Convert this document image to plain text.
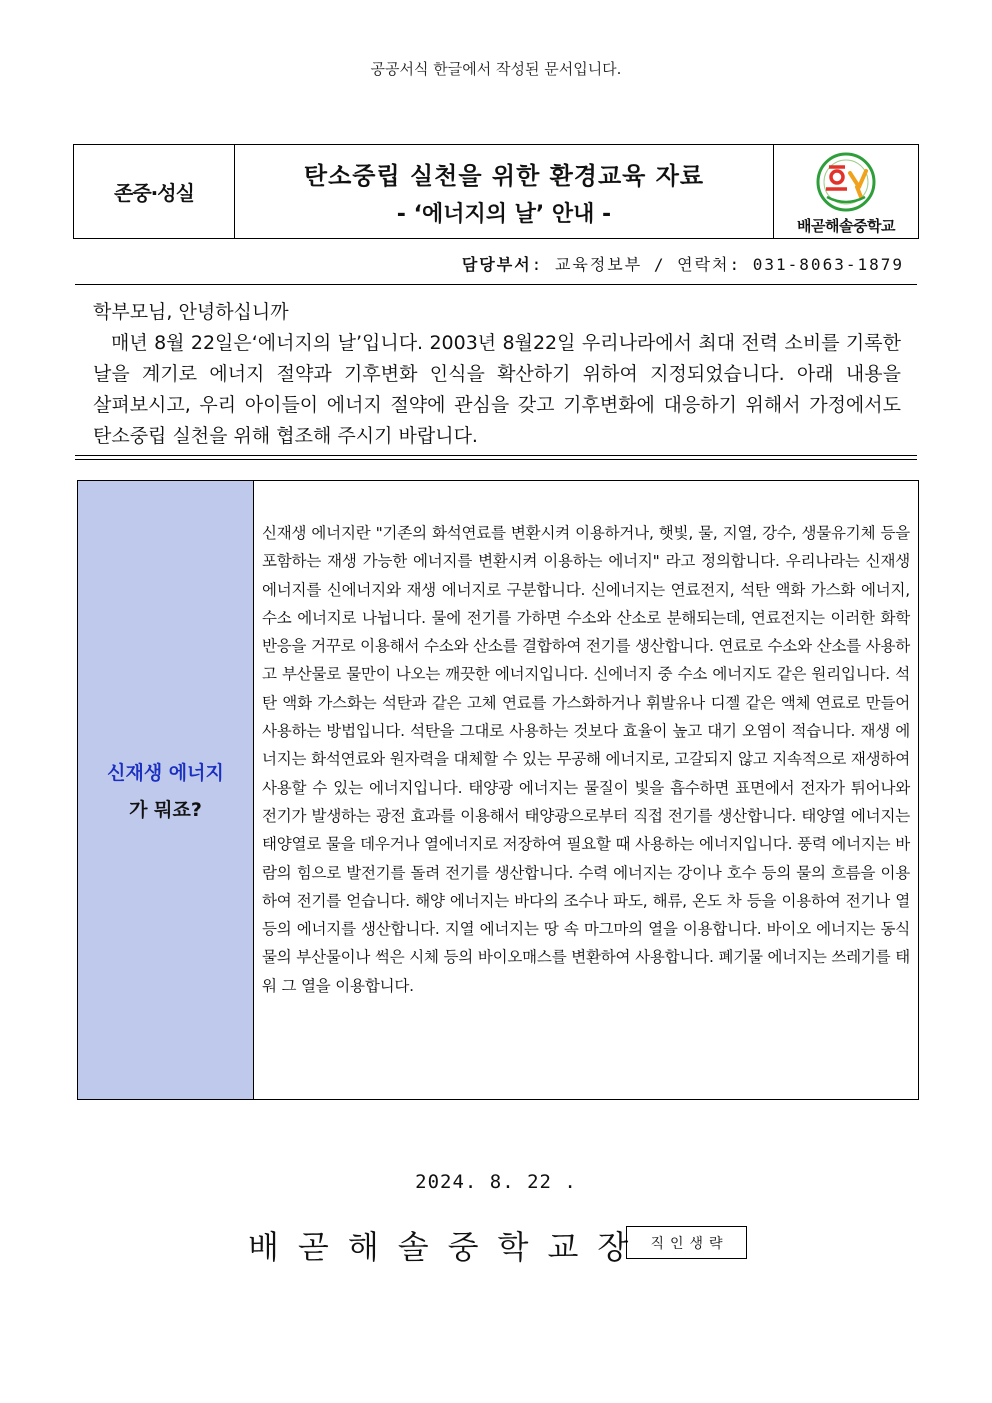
공공서식 한글에서 작성된 문서입니다.
존중·성실
탄소중립 실천을 위한 환경교육 자료
- ‘에너지의 날’ 안내 -	배곧해솔중학교
담당부서: 교육정보부 / 연락처: 031-8063-1879

학부모님, 안녕하십니까

매년 8월 22일은‘에너지의 날’입니다. 2003년 8월22일 우리나라에서 최대 전력 소비를 기록한

날을 계기로 에너지 절약과 기후변화 인식을 확산하기 위하여 지정되었습니다. 아래 내용을

살펴보시고, 우리 아이들이 에너지 절약에 관심을 갖고 기후변화에 대응하기 위해서 가정에서도

탄소중립 실천을 위해 협조해 주시기 바랍니다.

신재생 에너지
가 뭐죠?
신재생 에너지란 "기존의 화석연료를 변환시켜 이용하거나, 햇빛, 물, 지열, 강수, 생물유기체 등을 포함하는 재생 가능한 에너지를 변환시켜 이용하는 에너지" 라고 정의합니다. 우리나라는 신재생 에너지를 신에너지와 재생 에너지로 구분합니다. 신에너지는 연료전지, 석탄 액화 가스화 에너지, 수소 에너지로 나뉩니다. 물에 전기를 가하면 수소와 산소로 분해되는데, 연료전지는 이러한 화학 반응을 거꾸로 이용해서 수소와 산소를 결합하여 전기를 생산합니다. 연료로 수소와 산소를 사용하고 부산물로 물만이 나오는 깨끗한 에너지입니다. 신에너지 중 수소 에너지도 같은 원리입니다. 석탄 액화 가스화는 석탄과 같은 고체 연료를 가스화하거나 휘발유나 디젤 같은 액체 연료로 만들어 사용하는 방법입니다. 석탄을 그대로 사용하는 것보다 효율이 높고 대기 오염이 적습니다. 재생 에너지는 화석연료와 원자력을 대체할 수 있는 무공해 에너지로, 고갈되지 않고 지속적으로 재생하여 사용할 수 있는 에너지입니다. 태양광 에너지는 물질이 빛을 흡수하면 표면에서 전자가 튀어나와 전기가 발생하는 광전 효과를 이용해서 태양광으로부터 직접 전기를 생산합니다. 태양열 에너지는 태양열로 물을 데우거나 열에너지로 저장하여 필요할 때 사용하는 에너지입니다. 풍력 에너지는 바람의 힘으로 발전기를 돌려 전기를 생산합니다. 수력 에너지는 강이나 호수 등의 물의 흐름을 이용하여 전기를 얻습니다. 해양 에너지는 바다의 조수나 파도, 해류, 온도 차 등을 이용하여 전기나 열 등의 에너지를 생산합니다. 지열 에너지는 땅 속 마그마의 열을 이용합니다. 바이오 에너지는 동식물의 부산물이나 썩은 시체 등의 바이오매스를 변환하여 사용합니다. 폐기물 에너지는 쓰레기를 태워 그 열을 이용합니다.
2024. 8. 22 .
배곧해솔중학교장 직인생략
